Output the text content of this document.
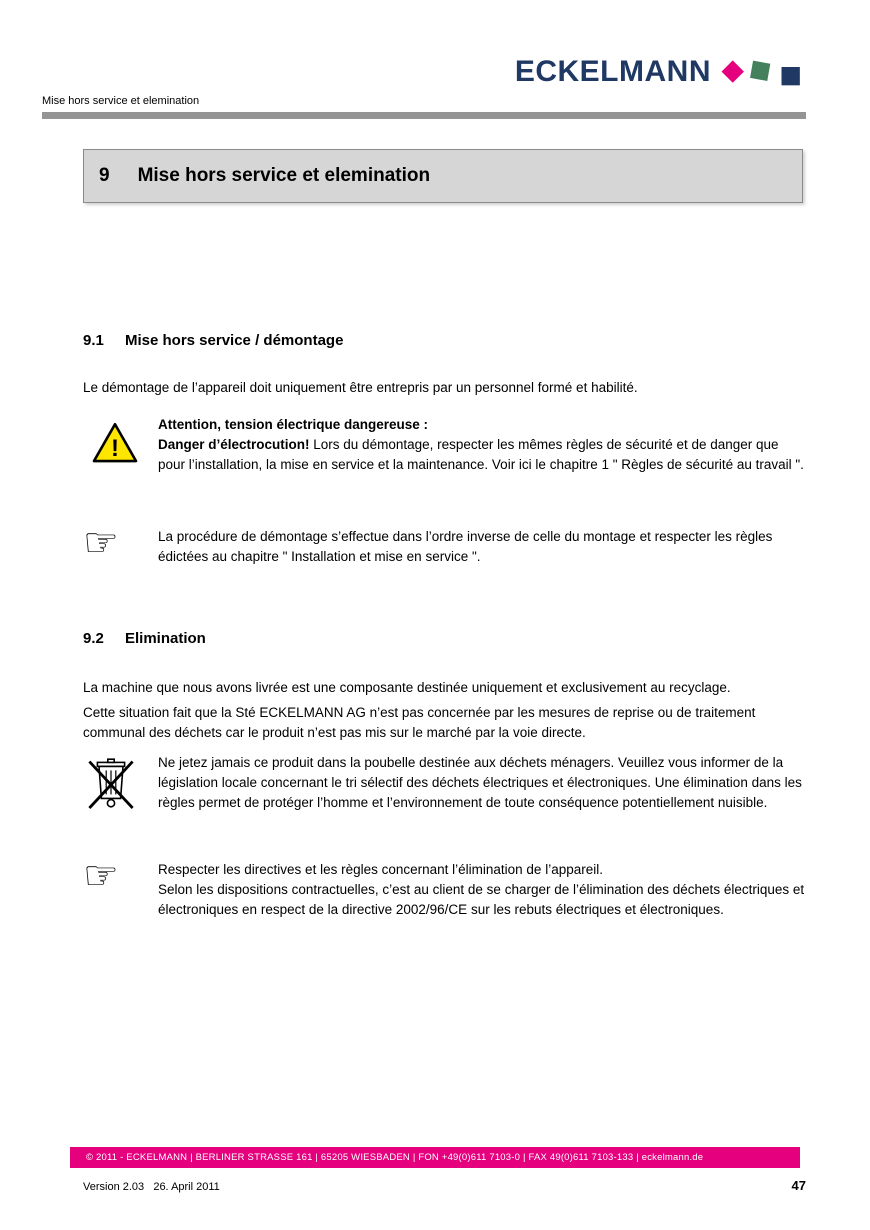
ECKELMANN
Mise hors service et elemination
9 Mise hors service et elemination
9.1 Mise hors service / démontage
Le démontage de l’appareil doit uniquement être entrepris par un personnel formé et habilité.
!
Attention, tension électrique dangereuse :
Danger d’électrocution! Lors du démontage, respecter les mêmes règles de sécurité et de danger que pour l’installation, la mise en service et la maintenance. Voir ici le chapitre 1 " Règles de sécurité au travail ".
☞	La procédure de démontage s’effectue dans l’ordre inverse de celle du montage et respecter les règles édictées au chapitre " Installation et mise en service ".
9.2 Elimination
La machine que nous avons livrée est une composante destinée uniquement et exclusivement au recyclage.
Cette situation fait que la Sté ECKELMANN AG n’est pas concernée par les mesures de reprise ou de traitement communal des déchets car le produit n’est pas mis sur le marché par la voie directe.
Ne jetez jamais ce produit dans la poubelle destinée aux déchets ménagers. Veuillez vous informer de la législation locale concernant le tri sélectif des déchets électriques et électroniques. Une élimination dans les règles permet de protéger l’homme et l’environnement de toute conséquence potentiellement nuisible.
☞	Respecter les directives et les règles concernant l’élimination de l’appareil.
Selon les dispositions contractuelles, c’est au client de se charger de l’élimination des déchets électriques et électroniques en respect de la directive 2002/96/CE sur les rebuts électriques et électroniques.
© 2011 - ECKELMANN | BERLINER STRASSE 161 | 65205 WIESBADEN | FON +49(0)611 7103-0 | FAX 49(0)611 7103-133 | eckelmann.de
Version 2.03   26. April 2011	47
